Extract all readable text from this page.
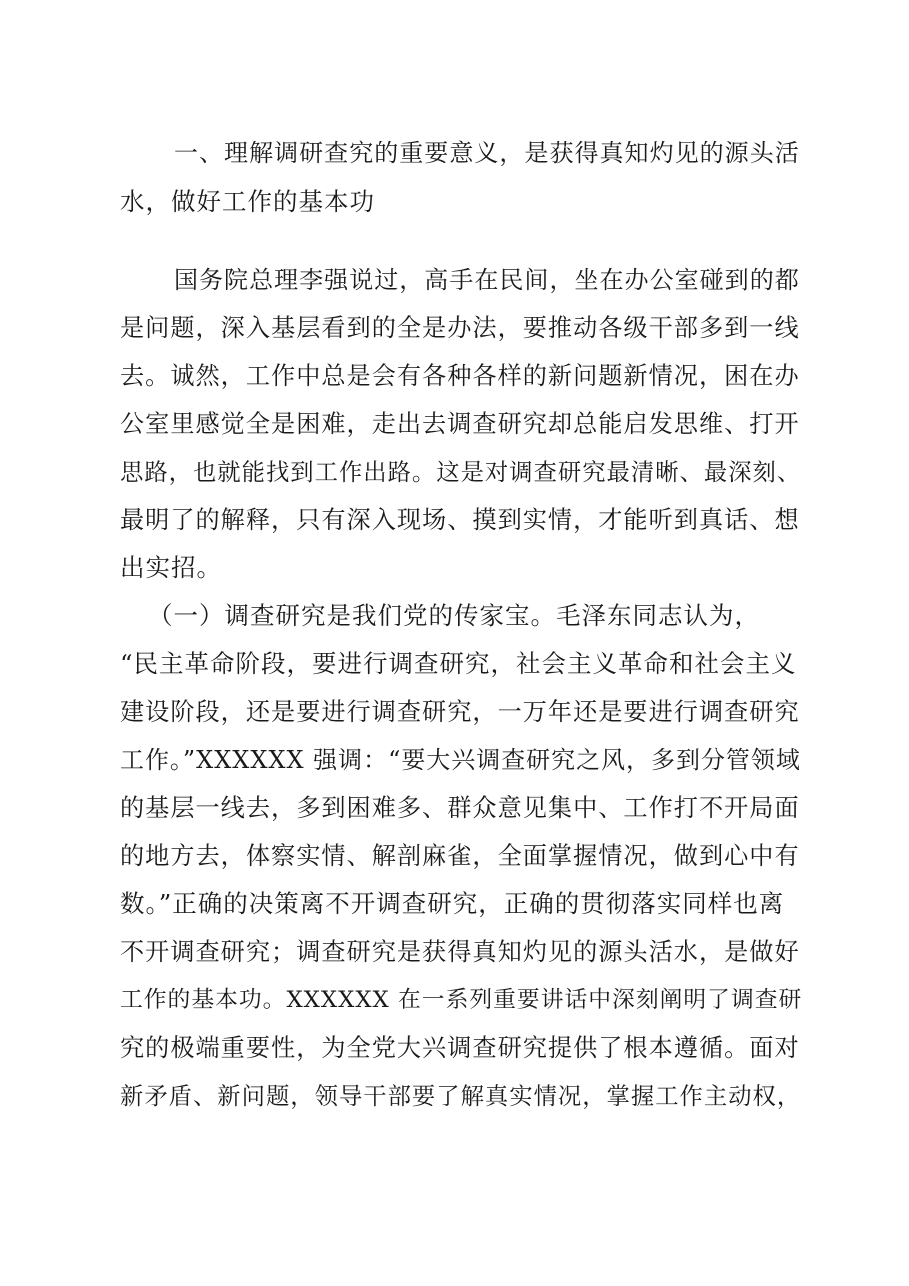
一、理解调研查究的重要意义，是获得真知灼见的源头活

水，做好工作的基本功

国务院总理李强说过，高手在民间，坐在办公室碰到的都

是问题，深入基层看到的全是办法，要推动各级干部多到一线

去。诚然，工作中总是会有各种各样的新问题新情况，困在办

公室里感觉全是困难，走出去调查研究却总能启发思维、打开

思路，也就能找到工作出路。这是对调查研究最清晰、最深刻、

最明了的解释，只有深入现场、摸到实情，才能听到真话、想

出实招。

（一）调查研究是我们党的传家宝。毛泽东同志认为，

“民主革命阶段，要进行调查研究，社会主义革命和社会主义

建设阶段，还是要进行调查研究，一万年还是要进行调查研究

工作。”XXXXXX 强调：“要大兴调查研究之风，多到分管领域

的基层一线去，多到困难多、群众意见集中、工作打不开局面

的地方去，体察实情、解剖麻雀，全面掌握情况，做到心中有

数。”正确的决策离不开调查研究，正确的贯彻落实同样也离

不开调查研究；调查研究是获得真知灼见的源头活水，是做好

工作的基本功。XXXXXX 在一系列重要讲话中深刻阐明了调查研

究的极端重要性，为全党大兴调查研究提供了根本遵循。面对

新矛盾、新问题，领导干部要了解真实情况，掌握工作主动权，
